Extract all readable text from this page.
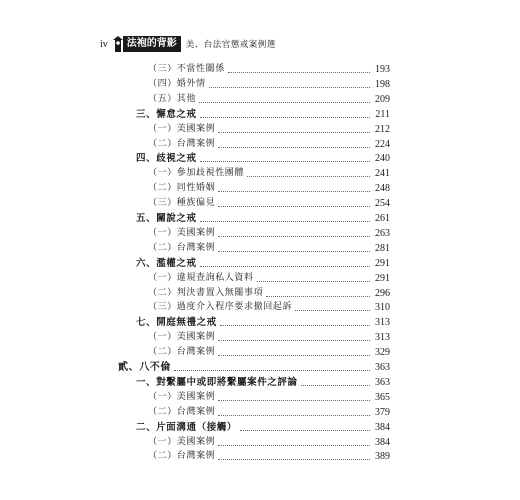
iv	法袍的背影	美、台法官懲戒案例選
（三）不當性關係	193
（四）婚外情	198
（五）其他	209
三、懈怠之戒	211
（一）美國案例	212
（二）台灣案例	224
四、歧視之戒	240
（一）參加歧視性團體	241
（二）同性婚姻	248
（三）種族偏見	254
五、關說之戒	261
（一）美國案例	263
（二）台灣案例	281
六、濫權之戒	291
（一）違規查詢私人資料	291
（二）判決書置入無關事項	296
（三）過度介入程序要求撤回起訴	310
七、開庭無禮之戒	313
（一）美國案例	313
（二）台灣案例	329
貳、八不倫	363
一、對繫屬中或即將繫屬案件之評論	363
（一）美國案例	365
（二）台灣案例	379
二、片面溝通（接觸）	384
（一）美國案例	384
（二）台灣案例	389
